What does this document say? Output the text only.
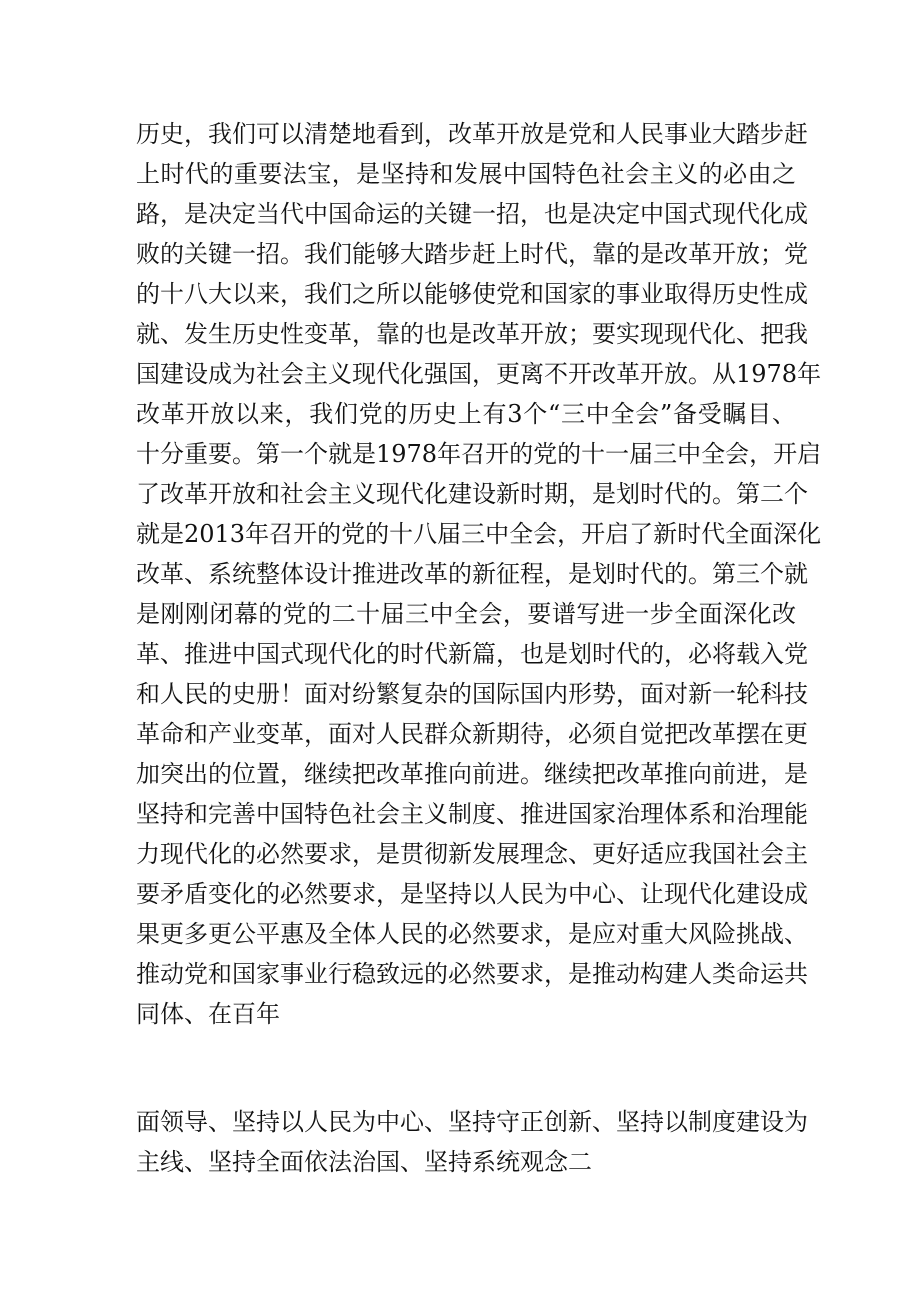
历史，我们可以清楚地看到，改革开放是党和人民事业大踏步赶
上时代的重要法宝，是坚持和发展中国特色社会主义的必由之
路，是决定当代中国命运的关键一招，也是决定中国式现代化成
败的关键一招。我们能够大踏步赶上时代，靠的是改革开放；党
的十八大以来，我们之所以能够使党和国家的事业取得历史性成
就、发生历史性变革，靠的也是改革开放；要实现现代化、把我
国建设成为社会主义现代化强国，更离不开改革开放。从1978年
改革开放以来，我们党的历史上有3个“三中全会”备受瞩目、
十分重要。第一个就是1978年召开的党的十一届三中全会，开启
了改革开放和社会主义现代化建设新时期，是划时代的。第二个
就是2013年召开的党的十八届三中全会，开启了新时代全面深化
改革、系统整体设计推进改革的新征程，是划时代的。第三个就
是刚刚闭幕的党的二十届三中全会，要谱写进一步全面深化改
革、推进中国式现代化的时代新篇，也是划时代的，必将载入党
和人民的史册！面对纷繁复杂的国际国内形势，面对新一轮科技
革命和产业变革，面对人民群众新期待，必须自觉把改革摆在更
加突出的位置，继续把改革推向前进。继续把改革推向前进，是
坚持和完善中国特色社会主义制度、推进国家治理体系和治理能
力现代化的必然要求，是贯彻新发展理念、更好适应我国社会主
要矛盾变化的必然要求，是坚持以人民为中心、让现代化建设成
果更多更公平惠及全体人民的必然要求，是应对重大风险挑战、
推动党和国家事业行稳致远的必然要求，是推动构建人类命运共
同体、在百年
面领导、坚持以人民为中心、坚持守正创新、坚持以制度建设为
主线、坚持全面依法治国、坚持系统观念二
